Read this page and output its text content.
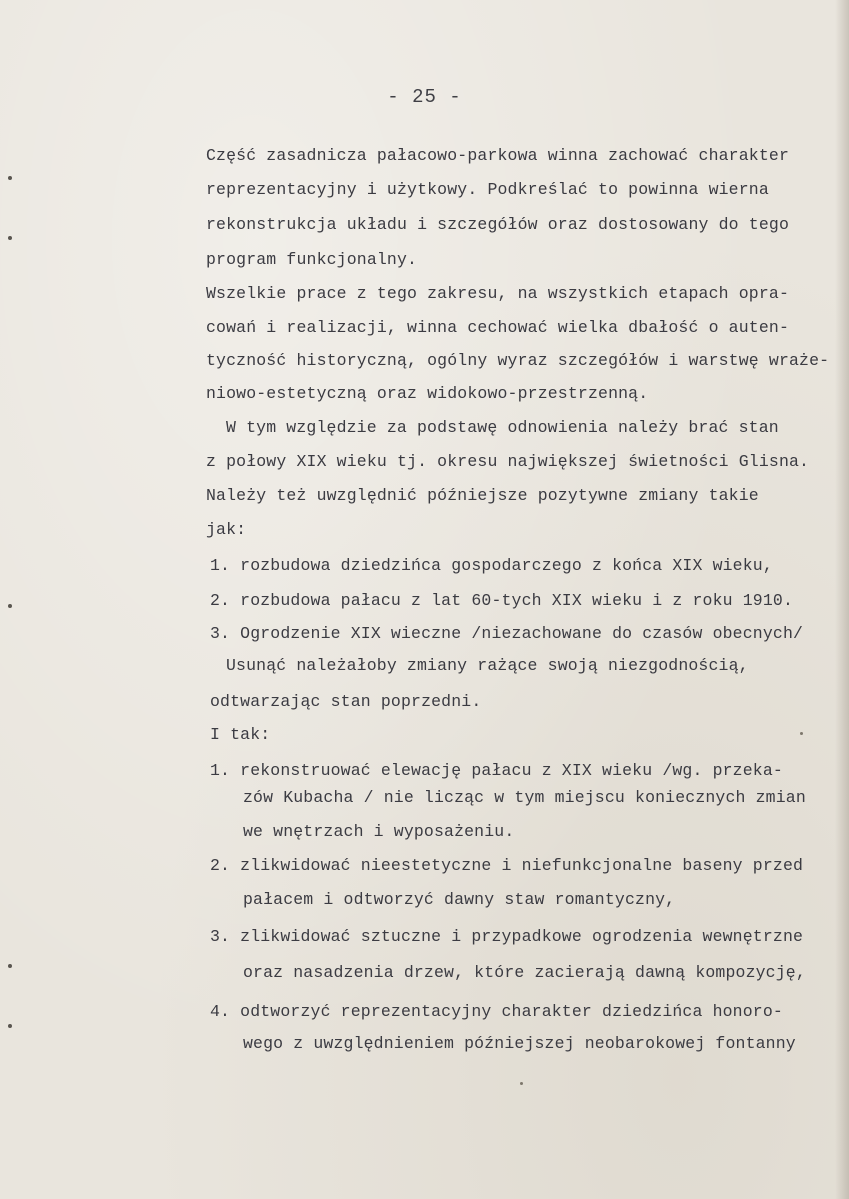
- 25 -
Część zasadnicza pałacowo-parkowa winna zachować charakter
reprezentacyjny i użytkowy. Podkreślać to powinna wierna
rekonstrukcja układu i szczegółów oraz dostosowany do tego
program funkcjonalny.
Wszelkie prace z tego zakresu, na wszystkich etapach opra-
cowań i realizacji, winna cechować wielka dbałość o auten-
tyczność historyczną, ogólny wyraz szczegółów i warstwę wraże-
niowo-estetyczną oraz widokowo-przestrzenną.
W tym względzie za podstawę odnowienia należy brać stan
z połowy XIX wieku tj. okresu największej świetności Glisna.
Należy też uwzględnić późniejsze pozytywne zmiany takie
jak:
1. rozbudowa dziedzińca gospodarczego z końca XIX wieku,
2. rozbudowa pałacu z lat 60-tych XIX wieku i z roku 1910.
3. Ogrodzenie XIX wieczne /niezachowane do czasów obecnych/
Usunąć należałoby zmiany rażące swoją niezgodnością,
odtwarzając stan poprzedni.
I tak:
1. rekonstruować elewację pałacu z XIX wieku /wg. przeka-
zów Kubacha / nie licząc w tym miejscu koniecznych zmian
we wnętrzach i wyposażeniu.
2. zlikwidować nieestetyczne i niefunkcjonalne baseny przed
pałacem i odtworzyć dawny staw romantyczny,
3. zlikwidować sztuczne i przypadkowe ogrodzenia wewnętrzne
oraz nasadzenia drzew, które zacierają dawną kompozycję,
4. odtworzyć reprezentacyjny charakter dziedzińca honoro-
wego z uwzględnieniem późniejszej neobarokowej fontanny
